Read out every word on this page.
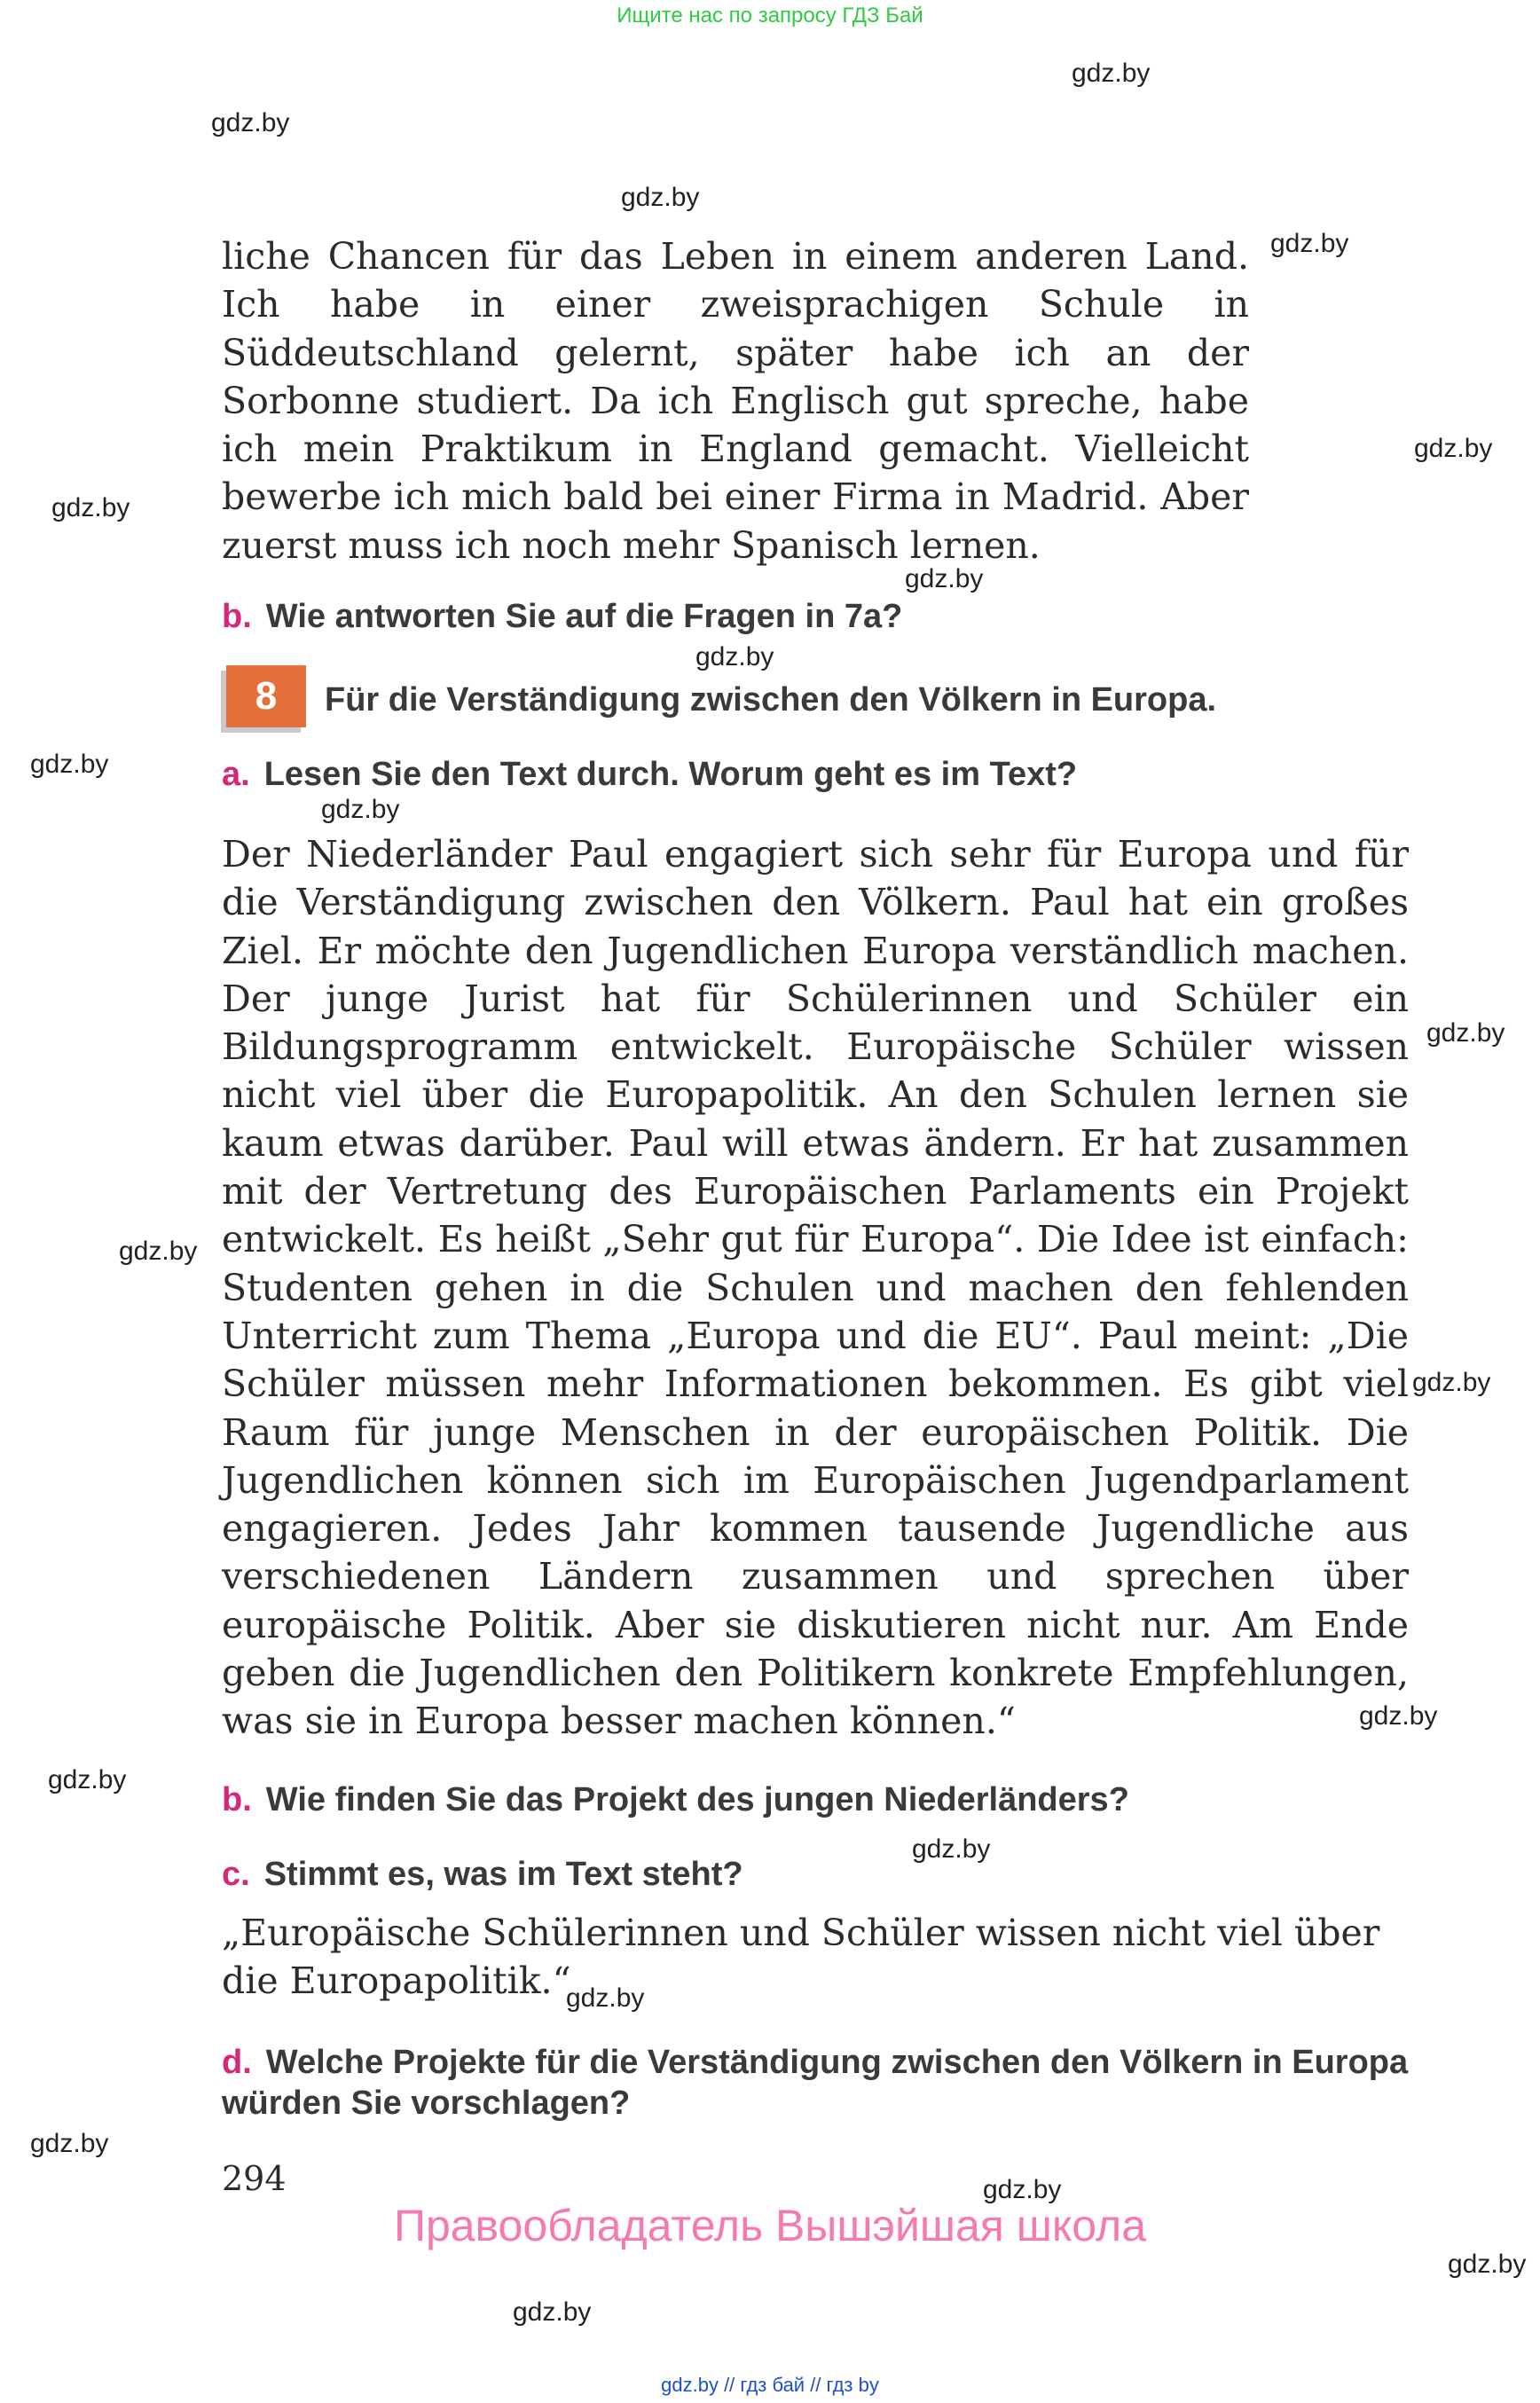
Ищите нас по запросу ГДЗ Бай
gdz.by
gdz.by
gdz.by
gdz.by
gdz.by
gdz.by
gdz.by
gdz.by
gdz.by
gdz.by
gdz.by
gdz.by
gdz.by
gdz.by
gdz.by
gdz.by
gdz.by
gdz.by
gdz.by
gdz.by
gdz.by
liche Chancen für das Leben in einem anderen Land. Ich habe in einer zweisprachigen Schule in Süddeutschland gelernt, später habe ich an der Sorbonne studiert. Da ich Englisch gut spreche, habe ich mein Praktikum in England gemacht. Vielleicht bewerbe ich mich bald bei einer Firma in Madrid. Aber zuerst muss ich noch mehr Spanisch lernen.
b. Wie antworten Sie auf die Fragen in 7a?
8	Für die Verständigung zwischen den Völkern in Europa.
a. Lesen Sie den Text durch. Worum geht es im Text?
Der Niederländer Paul engagiert sich sehr für Europa und für die Verständigung zwischen den Völkern. Paul hat ein großes Ziel. Er möchte den Jugendlichen Europa verständlich machen. Der junge Jurist hat für Schülerinnen und Schüler ein Bildungsprogramm entwickelt. Europäische Schüler wissen nicht viel über die Europapolitik. An den Schulen lernen sie kaum etwas darüber. Paul will etwas ändern. Er hat zusammen mit der Vertretung des Europäischen Parlaments ein Projekt entwickelt. Es heißt „Sehr gut für Europa“. Die Idee ist einfach: Studenten gehen in die Schulen und machen den fehlenden Unterricht zum Thema „Europa und die EU“. Paul meint: „Die Schüler müssen mehr Informationen bekommen. Es gibt viel Raum für junge Menschen in der europäischen Politik. Die Jugendlichen können sich im Europäischen Jugendparlament engagieren. Jedes Jahr kommen tausende Jugendliche aus verschiedenen Ländern zusammen und sprechen über europäische Politik. Aber sie diskutieren nicht nur. Am Ende geben die Jugendlichen den Politikern konkrete Empfehlungen, was sie in Europa besser machen können.“
b. Wie finden Sie das Projekt des jungen Niederländers?
c. Stimmt es, was im Text steht?
„Europäische Schülerinnen und Schüler wissen nicht viel über die Europapolitik.“
d. Welche Projekte für die Verständigung zwischen den Völkern in Europa würden Sie vorschlagen?
294
Правообладатель Вышэйшая школа
gdz.by // гдз бай // гдз by
